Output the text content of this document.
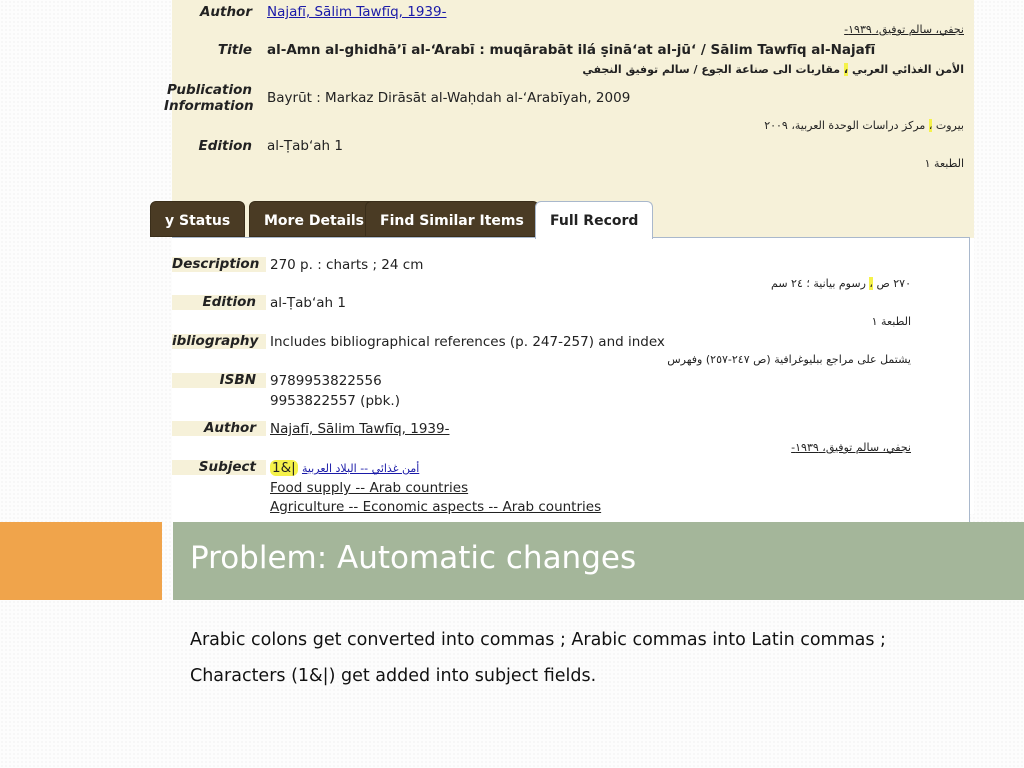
Author Najafī, Sālim Tawfīq, 1939-
نجفي، سالم توفيق، ١٩٣٩-
Title al-Amn al-ghidhāʼī al-ʻArabī : muqārabāt ilá ṣināʻat al-jūʻ / Sālim Tawfīq al-Najafī
الأمن الغذائي العربي ، مقاربات الى صناعة الجوع / سالم توفيق النجفي
Publication
Information Bayrūt : Markaz Dirāsāt al-Waḥdah al-ʻArabīyah, 2009
بيروت ، مركز دراسات الوحدة العربية، ٢٠٠٩
Edition al-Ṭabʻah 1
الطبعة ١
y Status	More Details	Find Similar Items	Full Record
Description 270 p. : charts ; 24 cm
٢٧٠ ص ، رسوم بيانية ؛ ٢٤ سم
Edition	al-Ṭabʻah 1
الطبعة ١
ibliography Includes bibliographical references (p. 247-257) and index
يشتمل على مراجع ببليوغرافية (ص ٢٤٧-٢٥٧) وفهرس
ISBN	9789953822556
9953822557 (pbk.)
Author	Najafī, Sālim Tawfīq, 1939-
نجفي، سالم توفيق، ١٩٣٩-
Subject	1&| أمن غذائي -- البلاد العربية
Food supply -- Arab countries
Agriculture -- Economic aspects -- Arab countries
Problem: Automatic changes
Arabic colons get converted into commas ; Arabic commas into Latin commas ;
Characters (1&|) get added into subject fields.
